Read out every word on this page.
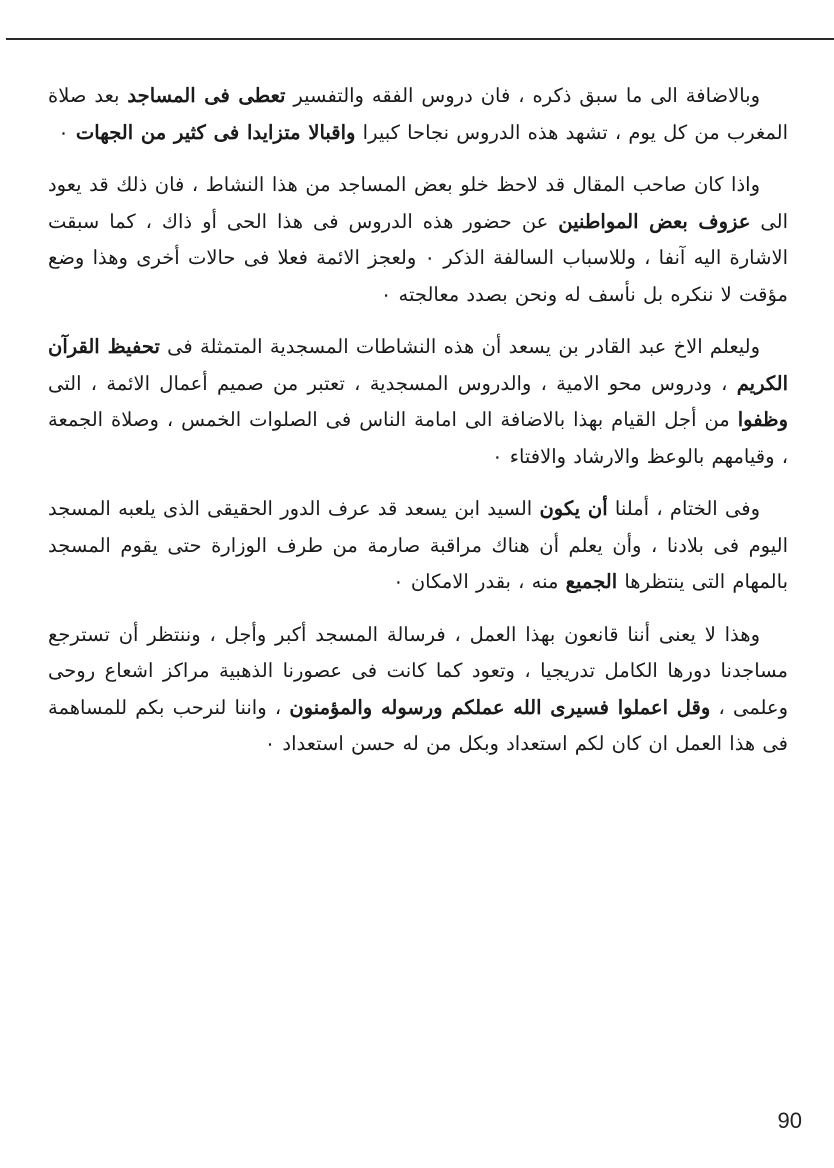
وبالاضافة الى ما سبق ذكره ، فان دروس الفقه والتفسير تعطى فى المساجد بعد صلاة المغرب من كل يوم ، تشهد هذه الدروس نجاحا كبيرا واقبالا متزايدا فى كثير من الجهات ٠

واذا كان صاحب المقال قد لاحظ خلو بعض المساجد من هذا النشاط ، فان ذلك قد يعود الى عزوف بعض المواطنين عن حضور هذه الدروس فى هذا الحى أو ذاك ، كما سبقت الاشارة اليه آنفا ، وللاسباب السالفة الذكر ٠ ولعجز الائمة فعلا فى حالات أخرى وهذا وضع مؤقت لا ننكره بل نأسف له ونحن بصدد معالجته ٠

وليعلم الاخ عبد القادر بن يسعد أن هذه النشاطات المسجدية المتمثلة فى تحفيظ القرآن الكريم ، ودروس محو الامية ، والدروس المسجدية ، تعتبر من صميم أعمال الائمة ، التى وظفوا من أجل القيام بهذا بالاضافة الى امامة الناس فى الصلوات الخمس ، وصلاة الجمعة ، وقيامهم بالوعظ والارشاد والافتاء ٠

وفى الختام ، أملنا أن يكون السيد ابن يسعد قد عرف الدور الحقيقى الذى يلعبه المسجد اليوم فى بلادنا ، وأن يعلم أن هناك مراقبة صارمة من طرف الوزارة حتى يقوم المسجد بالمهام التى ينتظرها الجميع منه ، بقدر الامكان ٠

وهذا لا يعنى أننا قانعون بهذا العمل ، فرسالة المسجد أكبر وأجل ، وننتظر أن تسترجع مساجدنا دورها الكامل تدريجيا ، وتعود كما كانت فى عصورنا الذهبية مراكز اشعاع روحى وعلمى ، وقل اعملوا فسيرى الله عملكم ورسوله والمؤمنون ، واننا لنرحب بكم للمساهمة فى هذا العمل ان كان لكم استعداد وبكل من له حسن استعداد ٠

90
